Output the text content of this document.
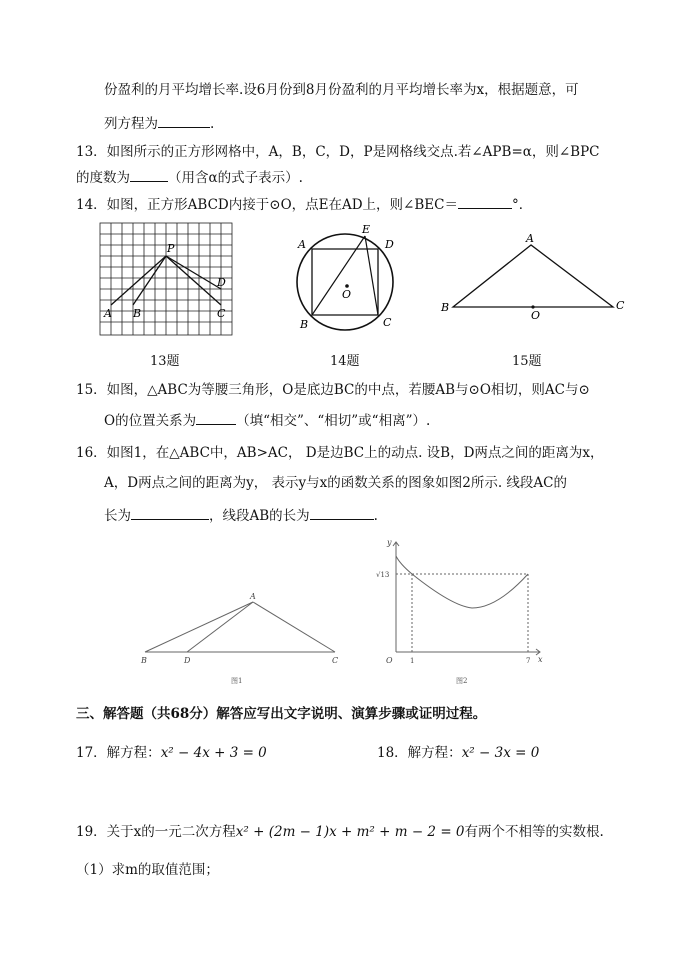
份盈利的月平均增长率.设6月份到8月份盈利的月平均增长率为x，根据题意，可
列方程为	.
13．如图所示的正方形网格中，A，B，C，D，P是网格线交点.若∠APB=α，则∠BPC
的度数为	（用含α的式子表示）.
14．如图，正方形ABCD内接于⊙O，点E在AD上，则∠BEC＝	°．
P
D
A B	C
A
E
D
O
B	C
A
B
O
C
13题	14题	15题
15．如图，△ABC为等腰三角形，O是底边BC的中点，若腰AB与⊙O相切，则AC与⊙
O的位置关系为	（填“相交”、“相切”或“相离”）.
16．如图1，在△ABC中，AB>AC， D是边BC上的动点. 设B，D两点之间的距离为x，
A，D两点之间的距离为y， 表示y与x的函数关系的图象如图2所示. 线段AC的
长为	，线段AB的长为	.
A
B	D	C
图1
y
x
O
√13
1	7
图2
三、解答题（共68分）解答应写出文字说明、演算步骤或证明过程。
17．解方程：x² − 4x + 3 = 0	18．解方程：x² − 3x = 0
19．关于x的一元二次方程x² + (2m − 1)x + m² + m − 2 = 0有两个不相等的实数根.
（1）求m的取值范围；
